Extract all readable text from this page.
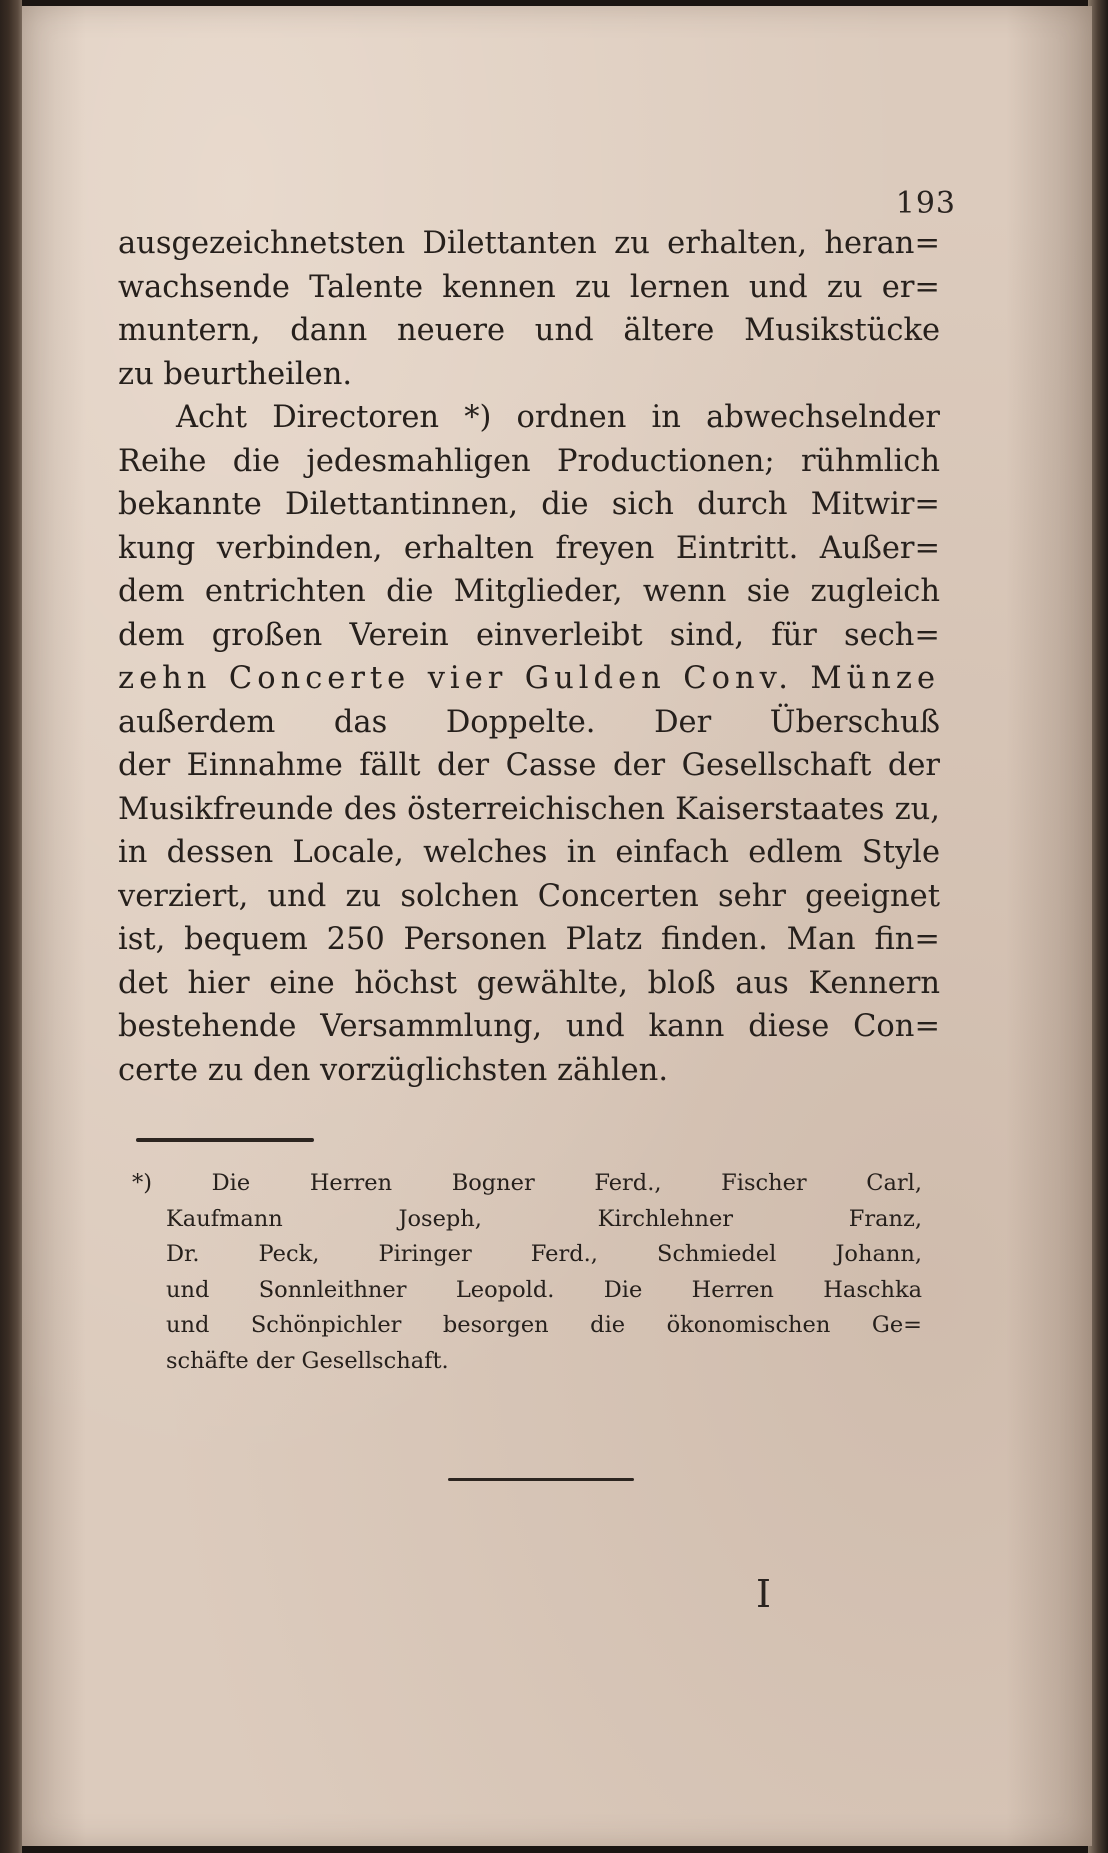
193
ausgezeichnetsten Dilettanten zu erhalten, heran=
wachsende Talente kennen zu lernen und zu er=
muntern, dann neuere und ältere Musikstücke
zu beurtheilen.
Acht Directoren *) ordnen in abwechselnder
Reihe die jedesmahligen Productionen; rühmlich
bekannte Dilettantinnen, die sich durch Mitwir=
kung verbinden, erhalten freyen Eintritt. Außer=
dem entrichten die Mitglieder, wenn sie zugleich
dem großen Verein einverleibt sind, für sech=
zehn Concerte vier Gulden Conv. Münze
außerdem das Doppelte. Der Überschuß
der Einnahme fällt der Casse der Gesellschaft der
Musikfreunde des österreichischen Kaiserstaates zu,
in dessen Locale, welches in einfach edlem Style
verziert, und zu solchen Concerten sehr geeignet
ist, bequem 250 Personen Platz finden. Man fin=
det hier eine höchst gewählte, bloß aus Kennern
bestehende Versammlung, und kann diese Con=
certe zu den vorzüglichsten zählen.
*) Die Herren Bogner Ferd., Fischer Carl,
Kaufmann Joseph, Kirchlehner Franz,
Dr. Peck, Piringer Ferd., Schmiedel Johann,
und Sonnleithner Leopold. Die Herren Haschka
und Schönpichler besorgen die ökonomischen Ge=
schäfte der Gesellschaft.
I
